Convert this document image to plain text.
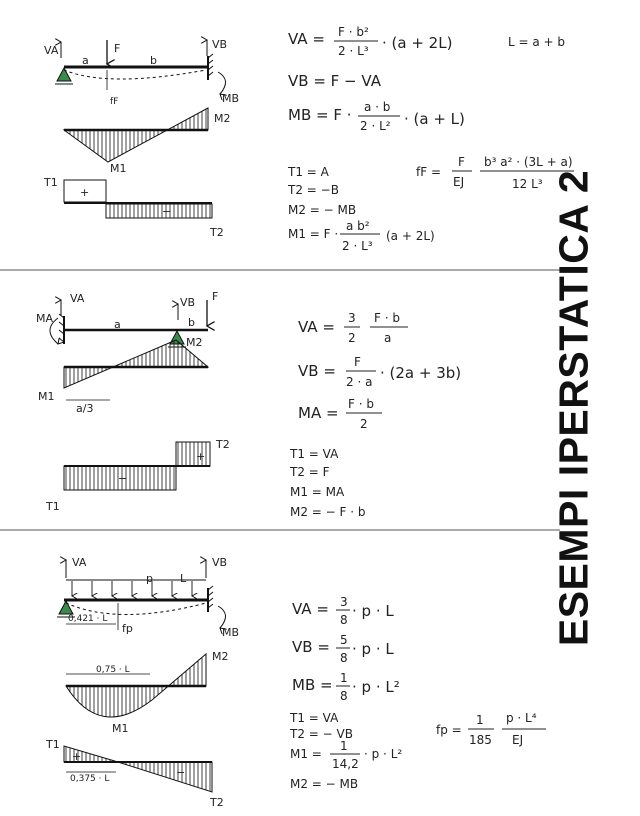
VA	F	VB
a	b
MB
fF
M2
M1
T1
T2
+
−
VA = F · b²
2 · L³ · (a + 2L)	L = a + b
VB = F − VA
MB = F · a · b
2 · L² · (a + L)
T1 = A
T2 = −B
M2 = − MB
M1 = F ·
a b²
2 · L³
(a + 2L)
fF =
F
EJ
b³ a² · (3L + a)
12 L³
VA
MA	a
VB
b
F
M2
M1
a/3
T2
T1
+
−
VA = 3
2
F · b
a
VB = F
2 · a · (2a + 3b)
MA = F · b
2
T1 = VA
T2 = F
M1 = MA
M2 = − F · b
VA
p L
VB
MB
0,421 · L
fp
0,75 · L
M2
M1
T1
0,375 · L
T2
+
−
VA = 3
8 · p · L
VB = 5
8 · p · L
MB = 1
8 · p · L²
T1 = VA
T2 = − VB
M1 =
1
14,2
· p · L²
M2 = − MB
fp =
1
185
p · L⁴
EJ
ESEMPI IPERSTATICA 2
